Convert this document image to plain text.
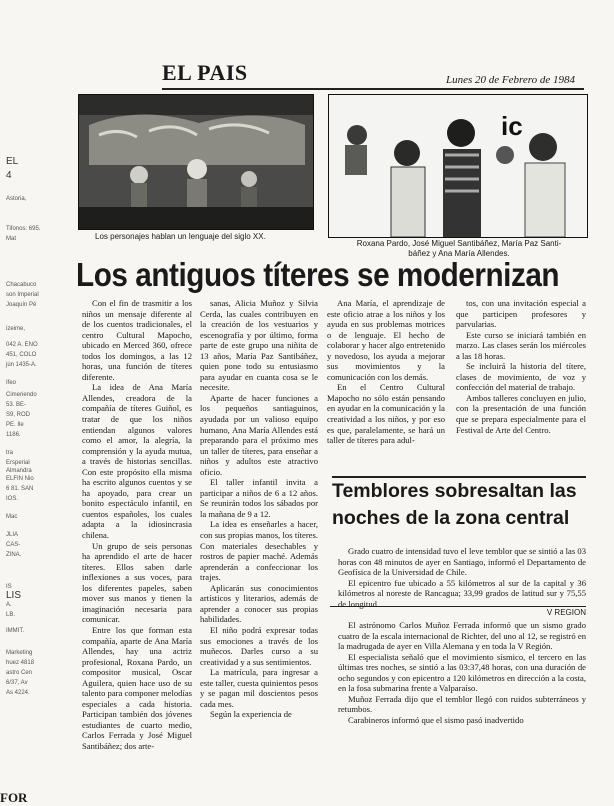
EL PAIS	Lunes 20 de Febrero de 1984
EL
4
Astoria,
Tifonos: 695.
Mat
Chacabuco
son Imperial
Joaquín Pé
izeime,
042 A. ENO
451, COLO
jún 1435-A.
Ifeo
Cimeriendo
53. BE-
S9, ROD
PE. Ile
1186.
tra
Ersperial
Almandra
ELFIN Nio
6 81. SAN
IOS.
Mac
JLIA
CAS-
ZINA.
IS
LIS
A.
LB.
IMMIT.
Marketing
huez 4818
astro Cen
6/37, Av
As 4224.
ic
Los personajes hablan un lenguaje del siglo XX.
Roxana Pardo, José Miguel Santibáñez, María Paz Santi-
báñez y Ana María Allendes.
Los antiguos títeres se modernizan

Con el fin de trasmitir a los niños un mensaje diferente al de los cuentos tradicionales, el centro Cultural Mapocho, ubicado en Merced 360, ofrece todos los domingos, a las 12 horas, una función de títeres diferente.

La idea de Ana María Allendes, creadora de la compañía de títeres Guiñol, es tratar de que los niños entiendan algunos valores como el amor, la alegría, la comprensión y la ayuda mutua, a través de historias sencillas. Con este propósito ella misma ha escrito algunos cuentos y se ha apoyado, para crear un bonito espectáculo infantil, en cuentos españoles, los cuales adapta a la idiosincrasia chilena.

Un grupo de seis personas ha aprendido el arte de hacer títeres. Ellos saben darle inflexiones a sus voces, para los diferentes papeles, saben mover sus manos y tienen la imaginación necesaria para comunicar.

Entre los que forman esta compañía, aparte de Ana María Allendes, hay una actriz profesional, Roxana Pardo, un compositor musical, Oscar Aguilera, quien hace uso de su talento para componer melodías especiales a cada historia. Participan también dos jóvenes estudiantes de cuarto medio, Carlos Ferrada y José Miguel Santibáñez; dos arte-

sanas, Alicia Muñoz y Silvia Cerda, las cuales contribuyen en la creación de los vestuarios y escenografía y por último, forma parte de este grupo una niñita de 13 años, María Paz Santibáñez, quien pone todo su entusiasmo para ayudar en cuanta cosa se le necesite.

Aparte de hacer funciones a los pequeños santiaguinos, ayudada por un valioso equipo humano, Ana María Allendes está preparando para el próximo mes un taller de títeres, para enseñar a niños y adultos este atractivo oficio.

El taller infantil invita a participar a niños de 6 a 12 años. Se reunirán todos los sábados por la mañana de 9 a 12.

La idea es enseñarles a hacer, con sus propias manos, los títeres. Con materiales desechables y rostros de papier maché. Además aprenderán a confeccionar los trajes.

Aplicarán sus conocimientos artísticos y literarios, además de aprender a conocer sus propias habilidades.

El niño podrá expresar todas sus emociones a través de los muñecos. Darles curso a su creatividad y a sus sentimientos.

La matrícula, para ingresar a este taller, cuesta quinientos pesos y se pagan mil doscientos pesos cada mes.

Según la experiencia de

Ana María, el aprendizaje de este oficio atrae a los niños y los ayuda en sus problemas motrices o de lenguaje. El hecho de colaborar y hacer algo entretenido y novedoso, los ayuda a mejorar sus movimientos y la comunicación con los demás.

En el Centro Cultural Mapocho no sólo están pensando en ayudar en la comunicación y la creatividad a los niños, y por eso es que, paralelamente, se hará un taller de títeres para adul-

tos, con una invitación especial a que participen profesores y parvularias.

Este curso se iniciará también en marzo. Las clases serán los miércoles a las 18 horas.

Se incluirá la historia del títere, clases de movimiento, de voz y confección del material de trabajo.

Ambos talleres concluyen en julio, con la presentación de una función que se prepara especialmente para el Festival de Arte del Centro.

Temblores sobresaltan las
noches de la zona central

Grado cuatro de intensidad tuvo el leve temblor que se sintió a las 03 horas con 48 minutos de ayer en Santiago, informó el Departamento de Geofísica de la Universidad de Chile.

El epicentro fue ubicado a 55 kilómetros al sur de la capital y 36 kilómetros al noreste de Rancagua; 33,99 grados de latitud sur y 75,55 de longitud.

V REGION

El astrónomo Carlos Muñoz Ferrada informó que un sismo grado cuatro de la escala internacional de Richter, del uno al 12, se registró en la madrugada de ayer en Villa Alemana y en toda la V Región.

El especialista señaló que el movimiento sísmico, el tercero en las últimas tres noches, se sintió a las 03:37,48 horas, con una duración de ocho segundos y con epicentro a 120 kilómetros en dirección a la costa, en la fosa submarina frente a Valparaíso.

Muñoz Ferrada dijo que el temblor llegó con ruidos subterráneos y retumbos.

Carabineros informó que el sismo pasó inadvertido

FOR
